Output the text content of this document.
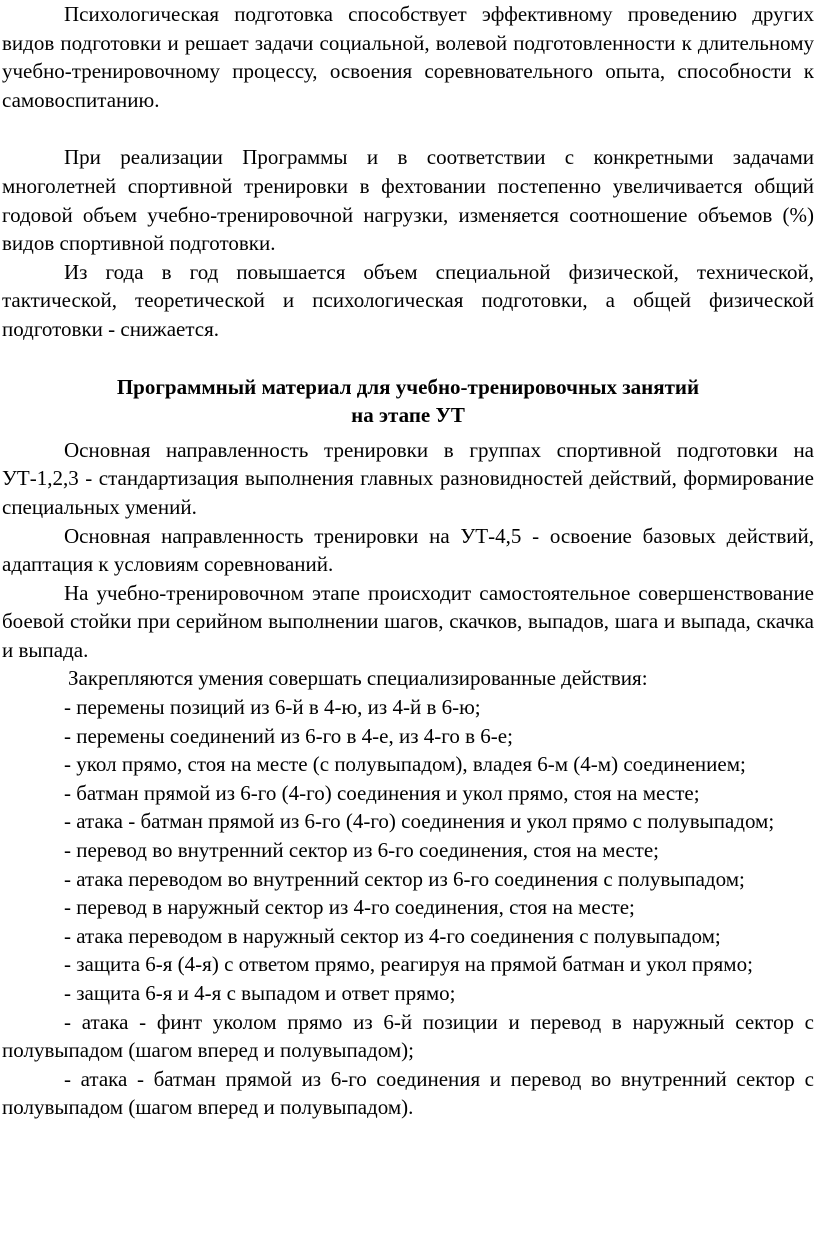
Психологическая подготовка способствует эффективному проведению других видов подготовки и решает задачи социальной, волевой подготовленности к длительному учебно-тренировочному процессу, освоения соревновательного опыта, способности к самовоспитанию.

При реализации Программы и в соответствии с конкретными задачами многолетней спортивной тренировки в фехтовании постепенно увеличивается общий годовой объем учебно-тренировочной нагрузки, изменяется соотношение объемов (%) видов спортивной подготовки.

Из года в год повышается объем специальной физической, технической, тактической, теоретической и психологическая подготовки, а общей физической подготовки - снижается.

Программный материал для учебно-тренировочных занятий
на этапе УТ

Основная направленность тренировки в группах спортивной подготовки на УТ-1,2,3 - стандартизация выполнения главных разновидностей действий, формирование специальных умений.

Основная направленность тренировки на УТ-4,5 - освоение базовых действий, адаптация к условиям соревнований.

На учебно-тренировочном этапе происходит самостоятельное совершенствование боевой стойки при серийном выполнении шагов, скачков, выпадов, шага и выпада, скачка и выпада.

Закрепляются умения совершать специализированные действия:

- перемены позиций из 6-й в 4-ю, из 4-й в 6-ю;

- перемены соединений из 6-го в 4-е, из 4-го в 6-е;

- укол прямо, стоя на месте (с полувыпадом), владея 6-м (4-м) соединением;

- батман прямой из 6-го (4-го) соединения и укол прямо, стоя на месте;

- атака - батман прямой из 6-го (4-го) соединения и укол прямо с полувыпадом;

- перевод во внутренний сектор из 6-го соединения, стоя на месте;

- атака переводом во внутренний сектор из 6-го соединения с полувыпадом;

- перевод в наружный сектор из 4-го соединения, стоя на месте;

- атака переводом в наружный сектор из 4-го соединения с полувыпадом;

- защита 6-я (4-я) с ответом прямо, реагируя на прямой батман и укол прямо;

- защита 6-я и 4-я с выпадом и ответ прямо;

- атака - финт уколом прямо из 6-й позиции и перевод в наружный сектор с полувыпадом (шагом вперед и полувыпадом);

- атака - батман прямой из 6-го соединения и перевод во внутренний сектор с полувыпадом (шагом вперед и полувыпадом).
